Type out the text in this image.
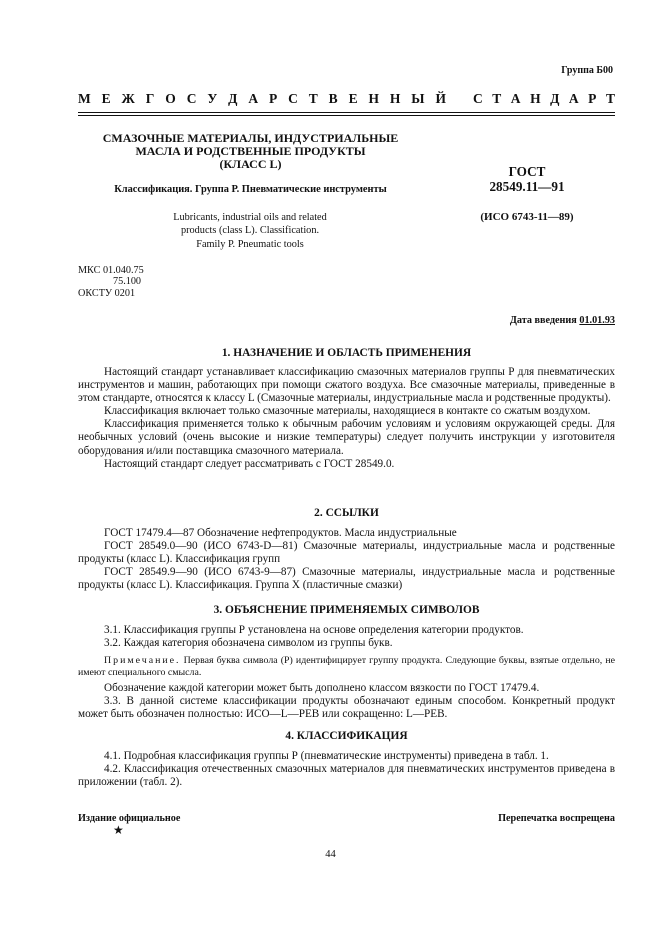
Группа Б00
М Е Ж Г О С У Д А Р С Т В Е Н Н Ы Й С Т А Н Д А Р Т
СМАЗОЧНЫЕ МАТЕРИАЛЫ, ИНДУСТРИАЛЬНЫЕ
МАСЛА И РОДСТВЕННЫЕ ПРОДУКТЫ
(КЛАСС L)
Классификация. Группа Р. Пневматические инструменты
Lubricants, industrial oils and related
products (class L). Classification.
Family P. Pneumatic tools
ГОСТ
28549.11—91
(ИСО 6743-11—89)
МКС 01.040.75
75.100
ОКСТУ 0201
Дата введения 01.01.93
1. НАЗНАЧЕНИЕ И ОБЛАСТЬ ПРИМЕНЕНИЯ

Настоящий стандарт устанавливает классификацию смазочных материалов группы Р для пневматических инструментов и машин, работающих при помощи сжатого воздуха. Все смазочные материалы, приведенные в этом стандарте, относятся к классу L (Смазочные материалы, индустриальные масла и родственные продукты).

Классификация включает только смазочные материалы, находящиеся в контакте со сжатым воздухом.

Классификация применяется только к обычным рабочим условиям и условиям окружающей среды. Для необычных условий (очень высокие и низкие температуры) следует получить инструкции у изготовителя оборудования и/или поставщика смазочного материала.

Настоящий стандарт следует рассматривать с ГОСТ 28549.0.

2. ССЫЛКИ

ГОСТ 17479.4—87 Обозначение нефтепродуктов. Масла индустриальные

ГОСТ 28549.0—90 (ИСО 6743-D—81) Смазочные материалы, индустриальные масла и родственные продукты (класс L). Классификация групп

ГОСТ 28549.9—90 (ИСО 6743-9—87) Смазочные материалы, индустриальные масла и родственные продукты (класс L). Классификация. Группа X (пластичные смазки)

3. ОБЪЯСНЕНИЕ ПРИМЕНЯЕМЫХ СИМВОЛОВ

3.1. Классификация группы Р установлена на основе определения категории продуктов.

3.2. Каждая категория обозначена символом из группы букв.

Примечание. Первая буква символа (Р) идентифицирует группу продукта. Следующие буквы, взятые отдельно, не имеют специального смысла.

Обозначение каждой категории может быть дополнено классом вязкости по ГОСТ 17479.4.

3.3. В данной системе классификации продукты обозначают единым способом. Конкретный продукт может быть обозначен полностью: ИСО—L—PEB или сокращенно: L—PEB.

4. КЛАССИФИКАЦИЯ

4.1. Подробная классификация группы Р (пневматические инструменты) приведена в табл. 1.

4.2. Классификация отечественных смазочных материалов для пневматических инструментов приведена в приложении (табл. 2).

Издание официальное	Перепечатка воспрещена
★
44
